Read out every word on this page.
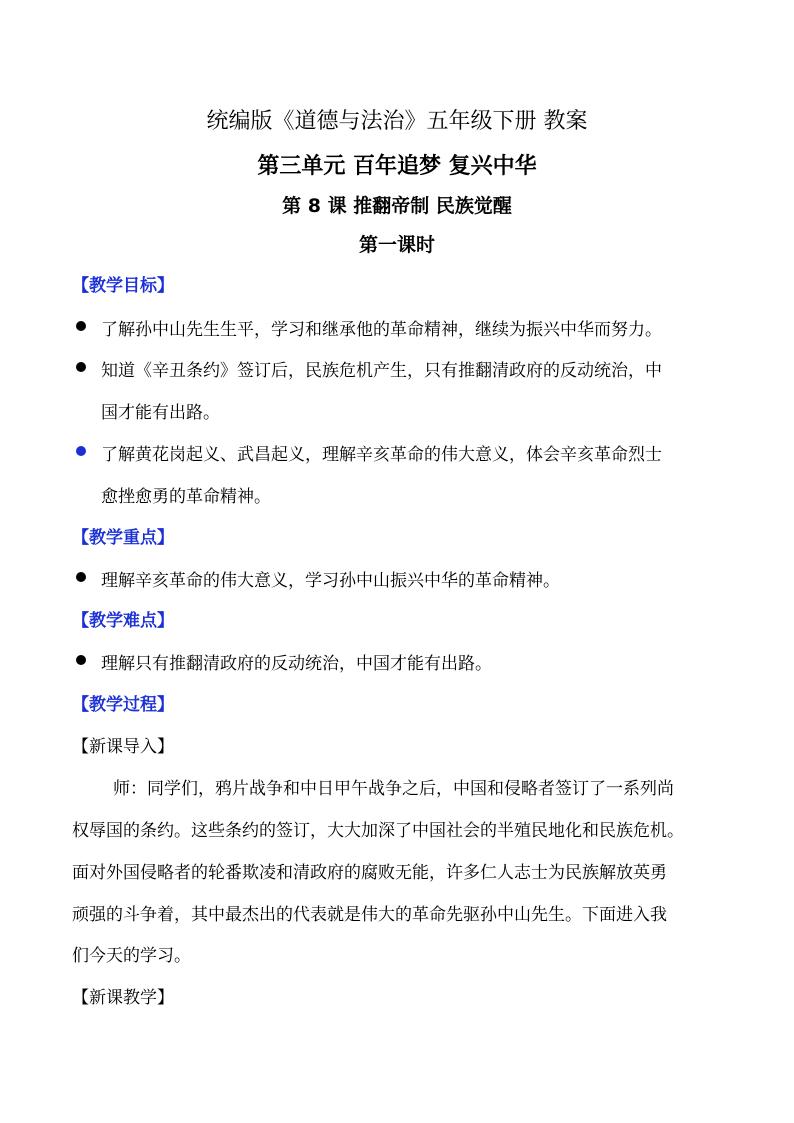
统编版《道德与法治》五年级下册 教案
第三单元 百年追梦 复兴中华
第 8 课 推翻帝制 民族觉醒
第一课时
【教学目标】
了解孙中山先生生平，学习和继承他的革命精神，继续为振兴中华而努力。
知道《辛丑条约》签订后，民族危机产生，只有推翻清政府的反动统治，中
国才能有出路。
了解黄花岗起义、武昌起义，理解辛亥革命的伟大意义，体会辛亥革命烈士
愈挫愈勇的革命精神。
【教学重点】
理解辛亥革命的伟大意义，学习孙中山振兴中华的革命精神。
【教学难点】
理解只有推翻清政府的反动统治，中国才能有出路。
【教学过程】
【新课导入】
师：同学们，鸦片战争和中日甲午战争之后，中国和侵略者签订了一系列尚
权辱国的条约。这些条约的签订，大大加深了中国社会的半殖民地化和民族危机。
面对外国侵略者的轮番欺凌和清政府的腐败无能，许多仁人志士为民族解放英勇
顽强的斗争着，其中最杰出的代表就是伟大的革命先驱孙中山先生。下面进入我
们今天的学习。
【新课教学】
